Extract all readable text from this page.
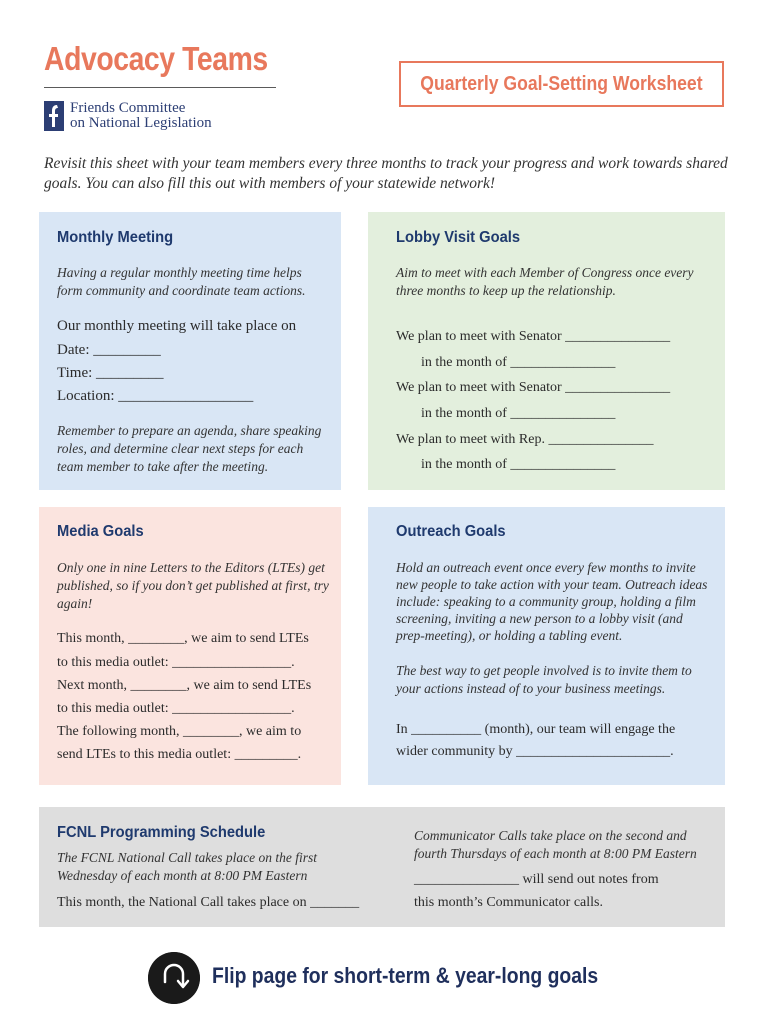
Advocacy Teams
Friends Committee
on National Legislation
Quarterly Goal-Setting Worksheet
Revisit this sheet with your team members every three months to track your progress and work towards shared goals. You can also fill this out with members of your statewide network!
Monthly Meeting
Having a regular monthly meeting time helps form community and coordinate team actions.
Our monthly meeting will take place on
Date: _________
Time: _________
Location: __________________
Remember to prepare an agenda, share speaking roles, and determine clear next steps for each team member to take after the meeting.
Lobby Visit Goals
Aim to meet with each Member of Congress once every three months to keep up the relationship.
We plan to meet with Senator _______________
in the month of _______________
We plan to meet with Senator _______________
in the month of _______________
We plan to meet with Rep. _______________
in the month of _______________
Media Goals
Only one in nine Letters to the Editors (LTEs) get published, so if you don’t get published at first, try again!
This month, ________, we aim to send LTEs
to this media outlet: _________________.
Next month, ________, we aim to send LTEs
to this media outlet: _________________.
The following month, ________, we aim to
send LTEs to this media outlet: _________.
Outreach Goals
Hold an outreach event once every few months to invite new people to take action with your team. Outreach ideas include: speaking to a community group, holding a film screening, inviting a new person to a lobby visit (and prep-meeting), or holding a tabling event.
The best way to get people involved is to invite them to your actions instead of to your business meetings.
In __________ (month), our team will engage the
wider community by ______________________.
FCNL Programming Schedule
The FCNL National Call takes place on the first Wednesday of each month at 8:00 PM Eastern
This month, the National Call takes place on _______
Communicator Calls take place on the second and fourth Thursdays of each month at 8:00 PM Eastern
_______________ will send out notes from
this month’s Communicator calls.
Flip page for short-term & year-long goals
